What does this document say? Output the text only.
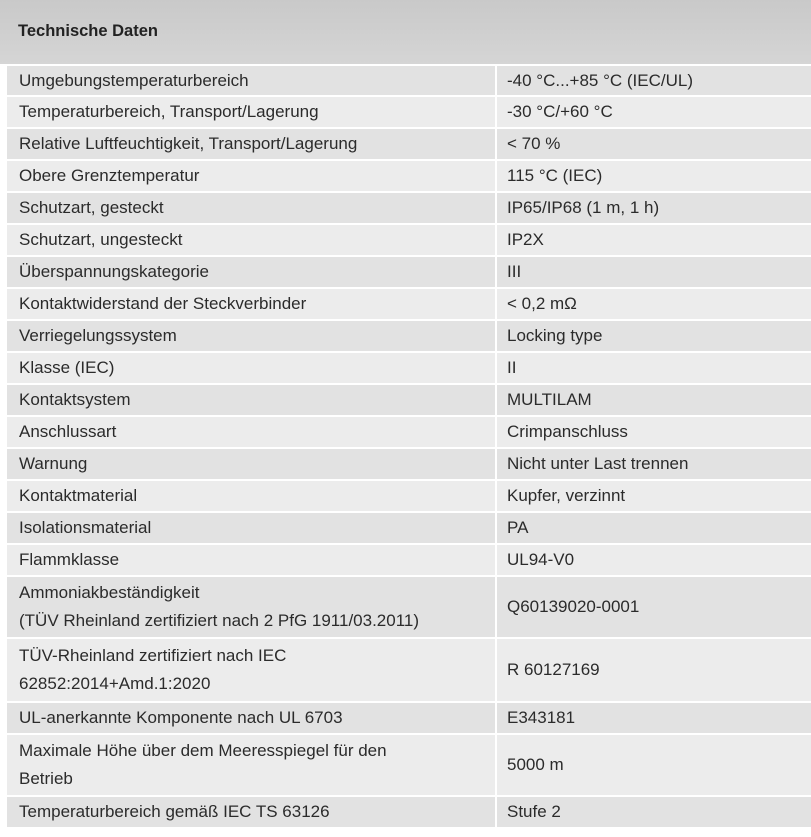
Technische Daten
Umgebungstemperaturbereich	-40 °C...+85 °C (IEC/UL)
Temperaturbereich, Transport/Lagerung	-30 °C/+60 °C
Relative Luftfeuchtigkeit, Transport/Lagerung	< 70 %
Obere Grenztemperatur	115 °C (IEC)
Schutzart, gesteckt	IP65/IP68 (1 m, 1 h)
Schutzart, ungesteckt	IP2X
Überspannungskategorie	III
Kontaktwiderstand der Steckverbinder	< 0,2 mΩ
Verriegelungssystem	Locking type
Klasse (IEC)	II
Kontaktsystem	MULTILAM
Anschlussart	Crimpanschluss
Warnung	Nicht unter Last trennen
Kontaktmaterial	Kupfer, verzinnt
Isolationsmaterial	PA
Flammklasse	UL94-V0

Ammoniakbeständigkeit
(TÜV Rheinland zertifiziert nach 2 PfG 1911/03.2011)	Q60139020-0001

TÜV-Rheinland zertifiziert nach IEC
62852:2014+Amd.1:2020	R 60127169
UL-anerkannte Komponente nach UL 6703	E343181

Maximale Höhe über dem Meeresspiegel für den
Betrieb	5000 m
Temperaturbereich gemäß IEC TS 63126	Stufe 2
